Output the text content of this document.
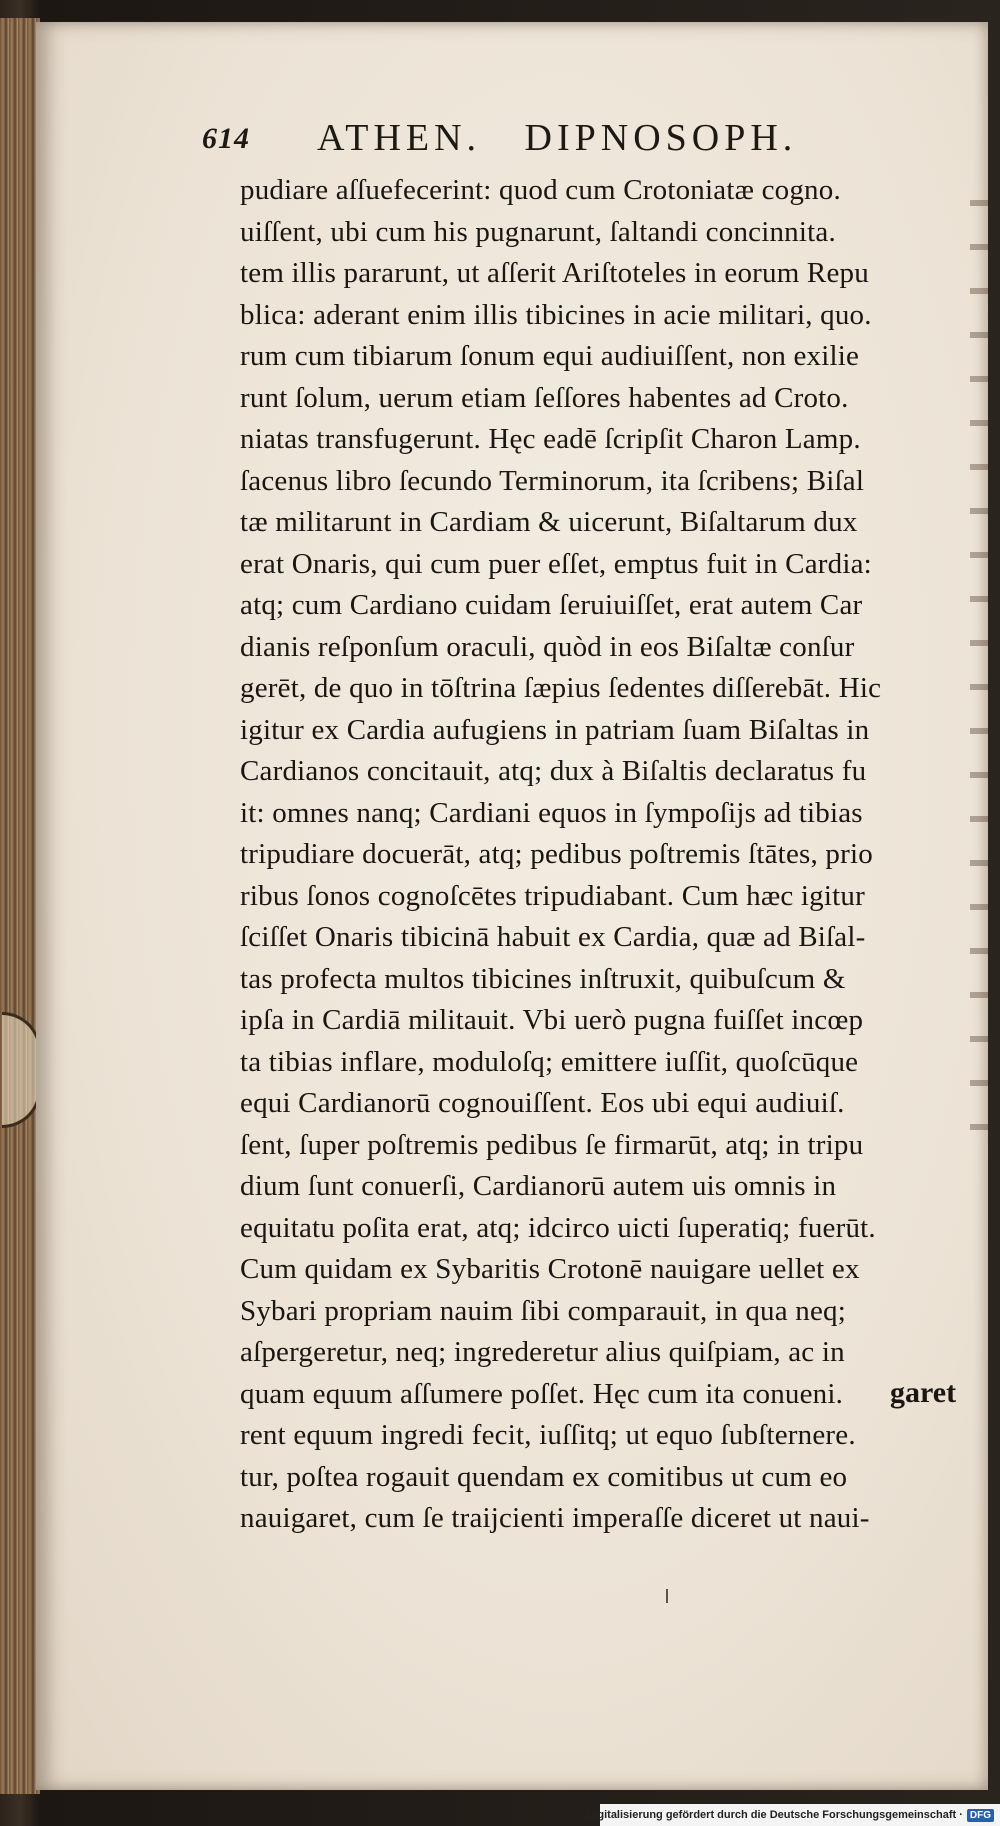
614 ATHEN.   DIPNOSOPH.
pudiare aſſuefecerint: quod cum Crotoniatæ cogno.
uiſſent, ubi cum his pugnarunt, ſaltandi concinnita.
tem illis pararunt, ut aſſerit Ariſtoteles in eorum Repu
blica: aderant enim illis tibicines in acie militari, quo.
rum cum tibiarum ſonum equi audiuiſſent, non exilie
runt ſolum, uerum etiam ſeſſores habentes ad Croto.
niatas transfugerunt. Hęc eadē ſcripſit Charon Lamp.
ſacenus libro ſecundo Terminorum, ita ſcribens; Biſal
tæ militarunt in Cardiam & uicerunt, Biſaltarum dux
erat Onaris, qui cum puer eſſet, emptus fuit in Cardia:
atq; cum Cardiano cuidam ſeruiuiſſet, erat autem Car
dianis reſponſum oraculi, quòd in eos Biſaltæ conſur
gerēt, de quo in tōſtrina ſæpius ſedentes diſſerebāt. Hic
igitur ex Cardia aufugiens in patriam ſuam Biſaltas in
Cardianos concitauit, atq; dux à Biſaltis declaratus fu
it: omnes nanq; Cardiani equos in ſympoſijs ad tibias
tripudiare docuerāt, atq; pedibus poſtremis ſtātes, prio
ribus ſonos cognoſcētes tripudiabant. Cum hæc igitur
ſciſſet Onaris tibicinā habuit ex Cardia, quæ ad Biſal-
tas profecta multos tibicines inſtruxit, quibuſcum &
ipſa in Cardiā militauit. Vbi uerò pugna fuiſſet incœp
ta tibias inflare, moduloſq; emittere iuſſit, quoſcūque
equi Cardianorū cognouiſſent. Eos ubi equi audiuiſ.
ſent, ſuper poſtremis pedibus ſe firmarūt, atq; in tripu
dium ſunt conuerſi, Cardianorū autem uis omnis in
equitatu poſita erat, atq; idcirco uicti ſuperatiq; fuerūt.
Cum quidam ex Sybaritis Crotonē nauigare uellet ex
Sybari propriam nauim ſibi comparauit, in qua neq;
aſpergeretur, neq; ingrederetur alius quiſpiam, ac in
quam equum aſſumere poſſet. Hęc cum ita conueni.
rent equum ingredi fecit, iuſſitq; ut equo ſubſternere.
tur, poſtea rogauit quendam ex comitibus ut cum eo
nauigaret, cum ſe traijcienti imperaſſe diceret ut naui-
garet
Digitalisierung gefördert durch die Deutsche Forschungsgemeinschaft · DFG
